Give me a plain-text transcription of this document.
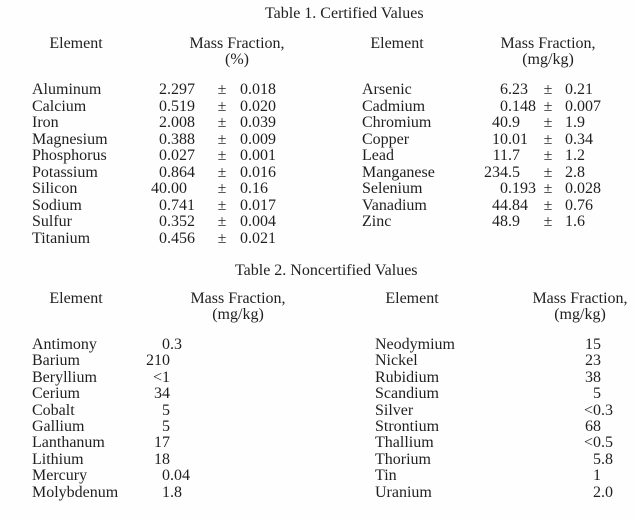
Table 1. Certified Values
Element	Mass Fraction,
(%)
Element	Mass Fraction,
(mg/kg)
Aluminum	2 .297	± 0.018	Arsenic	6 .23 ± 0.21
Calcium	0 .519	± 0.020	Cadmium	0 .148 ± 0.007
Iron	2 .008	± 0.039	Chromium	40 .9	± 1.9
Magnesium	0 .388	± 0.009	Copper	10 .01 ± 0.34
Phosphorus	0 .027	± 0.001	Lead	11 .7	± 1.2
Potassium	0 .864	± 0.016	Manganese	234 .5	± 2.8
Silicon	40 .00	± 0.16	Selenium	0 .193 ± 0.028
Sodium	0 .741	± 0.017	Vanadium	44 .84 ± 0.76
Sulfur	0 .352	± 0.004	Zinc	48 .9	± 1.6
Titanium	0 .456	± 0.021
Table 2. Noncertified Values
Element	Mass Fraction,
(mg/kg)
Element	Mass Fraction,
(mg/kg)
Antimony	0 .3	Neodymium	15
Barium	210	Nickel	23
Beryllium	<1	Rubidium	38
Cerium	34	Scandium	5
Cobalt	5	Silver	<0 .3
Gallium	5	Strontium	68
Lanthanum	17	Thallium	<0 .5
Lithium	18	Thorium	5 .8
Mercury	0 .04	Tin	1
Molybdenum	1 .8	Uranium	2 .0
